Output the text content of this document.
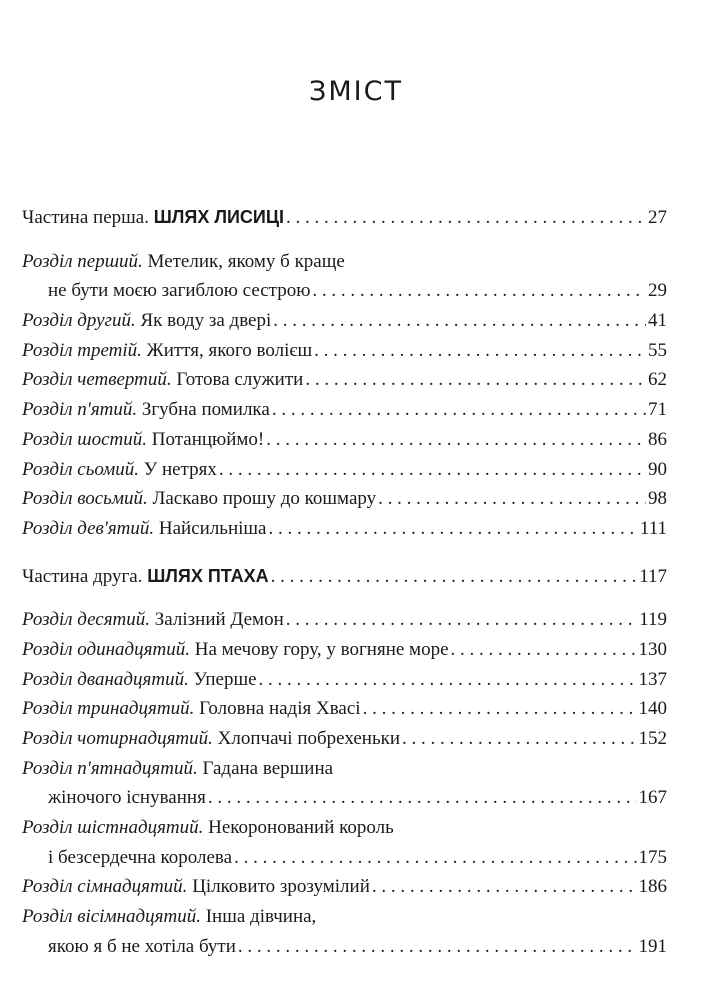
ЗМІСТ
Частина перша. ШЛЯХ ЛИСИЦІ . . .	27
Розділ перший. Метелик, якому б краще
не бути моєю загиблою сестрою . . .	29
Розділ другий. Як воду за двері . . .	41
Розділ третій. Життя, якого волієш . . .	55
Розділ четвертий. Готова служити . . .	62
Розділ п'ятий. Згубна помилка . . .	71
Розділ шостий. Потанцюймо! . . .	86
Розділ сьомий. У нетрях . . .	90
Розділ восьмий. Ласкаво прошу до кошмару . . .	98
Розділ дев'ятий. Найсильніша . . .	111
Частина друга. ШЛЯХ ПТАХА . . .	117
Розділ десятий. Залізний Демон . . .	119
Розділ одинадцятий. На мечову гору, у вогняне море . . .	130
Розділ дванадцятий. Уперше . . .	137
Розділ тринадцятий. Головна надія Хвасі . . .	140
Розділ чотирнадцятий. Хлопчачі побрехеньки . . .	152
Розділ п'ятнадцятий. Гадана вершина
жіночого існування . . .	167
Розділ шістнадцятий. Некоронований король
і безсердечна королева . . .	175
Розділ сімнадцятий. Цілковито зрозумілий . . .	186
Розділ вісімнадцятий. Інша дівчина,
якою я б не хотіла бути . . .	191
